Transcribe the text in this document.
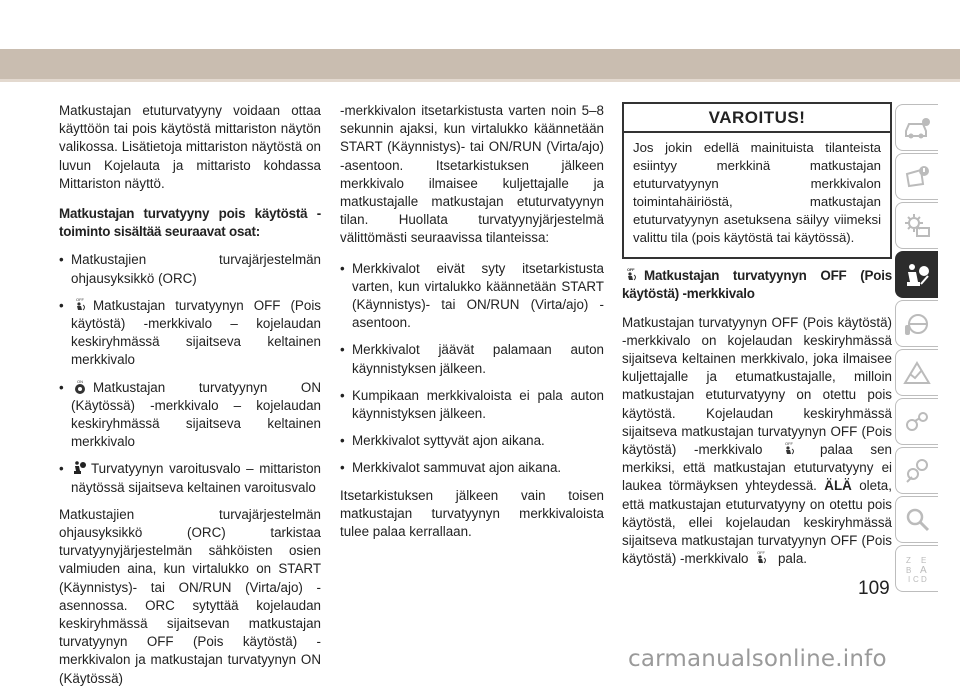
Matkustajan etuturvatyyny voidaan ottaa käyttöön tai pois käytöstä mittariston näytön valikossa. Lisätietoja mittariston näytöstä on luvun Kojelauta ja mittaristo kohdassa Mittariston näyttö.

Matkustajan turvatyyny pois käytöstä -toiminto sisältää seuraavat osat:

• Matkustajien turvajärjestelmän ohjausyksikkö (ORC)
• OFF Matkustajan turvatyynyn OFF (Pois käytöstä) -merkkivalo – kojelaudan keskiryhmässä sijaitseva keltainen merkkivalo
• ON Matkustajan turvatyynyn ON (Käytössä) -merkkivalo – kojelaudan keskiryhmässä sijaitseva keltainen merkkivalo
• Turvatyynyn varoitusvalo – mittariston näytössä sijaitseva keltainen varoitusvalo

Matkustajien turvajärjestelmän ohjausyksikkö (ORC) tarkistaa turvatyynyjärjestelmän sähköisten osien valmiuden aina, kun virtalukko on START (Käynnistys)- tai ON/RUN (Virta/ajo) -asennossa. ORC sytyttää kojelaudan keskiryhmässä sijaitsevan matkustajan turvatyynyn OFF (Pois käytöstä) -merkkivalon ja matkustajan turvatyynyn ON (Käytössä)

-merkkivalon itsetarkistusta varten noin 5–8 sekunnin ajaksi, kun virtalukko käännetään START (Käynnistys)- tai ON/RUN (Virta/ajo) -asentoon. Itsetarkistuksen jälkeen merkkivalo ilmaisee kuljettajalle ja matkustajalle matkustajan etuturvatyynyn tilan. Huollata turvatyynyjärjestelmä välittömästi seuraavissa tilanteissa:

• Merkkivalot eivät syty itsetarkistusta varten, kun virtalukko käännetään START (Käynnistys)- tai ON/RUN (Virta/ajo) -asentoon.
• Merkkivalot jäävät palamaan auton käynnistyksen jälkeen.
• Kumpikaan merkkivaloista ei pala auton käynnistyksen jälkeen.
• Merkkivalot syttyvät ajon aikana.
• Merkkivalot sammuvat ajon aikana.

Itsetarkistuksen jälkeen vain toisen matkustajan turvatyynyn merkkivaloista tulee palaa kerrallaan.

VAROITUS!
Jos jokin edellä mainituista tilanteista esiintyy merkkinä matkustajan etuturvatyynyn merkkivalon toimintahäiriöstä, matkustajan etuturvatyynyn asetuksena säilyy viimeksi valittu tila (pois käytöstä tai käytössä).

OFF Matkustajan turvatyynyn OFF (Pois käytöstä) -merkkivalo

Matkustajan turvatyynyn OFF (Pois käytöstä) -merkkivalo on kojelaudan keskiryhmässä sijaitseva keltainen merkkivalo, joka ilmaisee kuljettajalle ja etumatkustajalle, milloin matkustajan etuturvatyyny on otettu pois käytöstä. Kojelaudan keskiryhmässä sijaitseva matkustajan turvatyynyn OFF (Pois käytöstä) -merkkivalo	OFF palaa sen merkiksi, että matkustajan etuturvatyyny ei laukea törmäyksen yhteydessä. ÄLÄ oleta, että matkustajan etuturvatyyny on otettu pois käytöstä, ellei kojelaudan keskiryhmässä sijaitseva matkustajan turvatyynyn OFF (Pois käytöstä) -merkkivalo OFF pala.	Z E
B A
I C D
109
carmanualsonline.info
